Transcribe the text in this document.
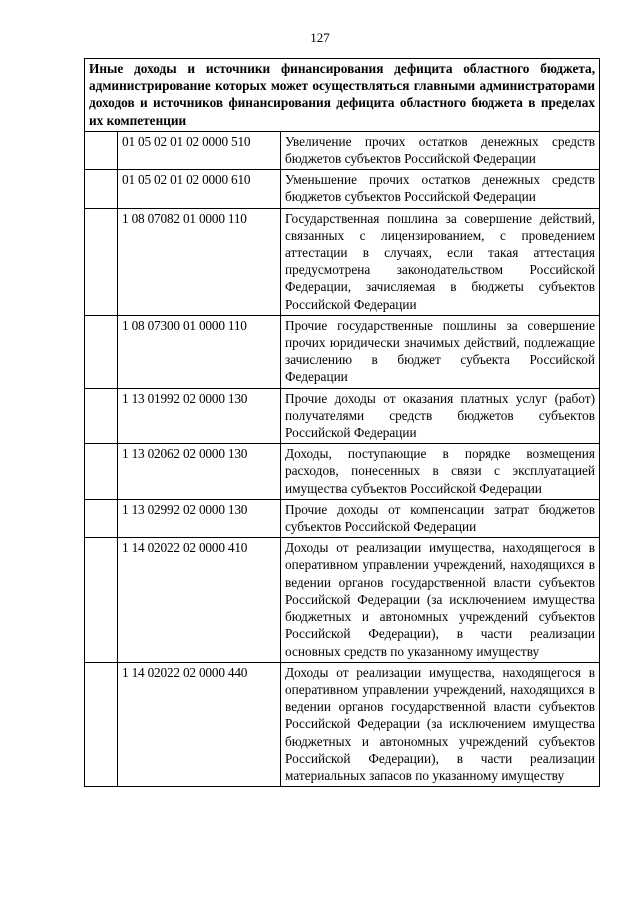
127
Иные доходы и источники финансирования дефицита областного бюджета, администрирование которых может осуществляться главными администраторами доходов и источников финансирования дефицита областного бюджета в пределах их компетенции		
	01 05 02 01 02 0000 510	Увеличение прочих остатков денежных средств бюджетов субъектов Российской Федерации
	01 05 02 01 02 0000 610	Уменьшение прочих остатков денежных средств бюджетов субъектов Российской Федерации
	1 08 07082 01 0000 110	Государственная пошлина за совершение действий, связанных с лицензированием, с проведением аттестации в случаях, если такая аттестация предусмотрена законодательством Российской Федерации, зачисляемая в бюджеты субъектов Российской Федерации
	1 08 07300 01 0000 110	Прочие государственные пошлины за совершение прочих юридически значимых действий, подлежащие зачислению в бюджет субъекта Российской Федерации
	1 13 01992 02 0000 130	Прочие доходы от оказания платных услуг (работ) получателями средств бюджетов субъектов Российской Федерации
	1 13 02062 02 0000 130	Доходы, поступающие в порядке возмещения расходов, понесенных в связи с эксплуатацией имущества субъектов Российской Федерации
	1 13 02992 02 0000 130	Прочие доходы от компенсации затрат бюджетов субъектов Российской Федерации
	1 14 02022 02 0000 410	Доходы от реализации имущества, находящегося в оперативном управлении учреждений, находящихся в ведении органов государственной власти субъектов Российской Федерации (за исключением имущества бюджетных и автономных учреждений субъектов Российской Федерации), в части реализации основных средств по указанному имуществу
	1 14 02022 02 0000 440	Доходы от реализации имущества, находящегося в оперативном управлении учреждений, находящихся в ведении органов государственной власти субъектов Российской Федерации (за исключением имущества бюджетных и автономных учреждений субъектов Российской Федерации), в части реализации материальных запасов по указанному имуществу
